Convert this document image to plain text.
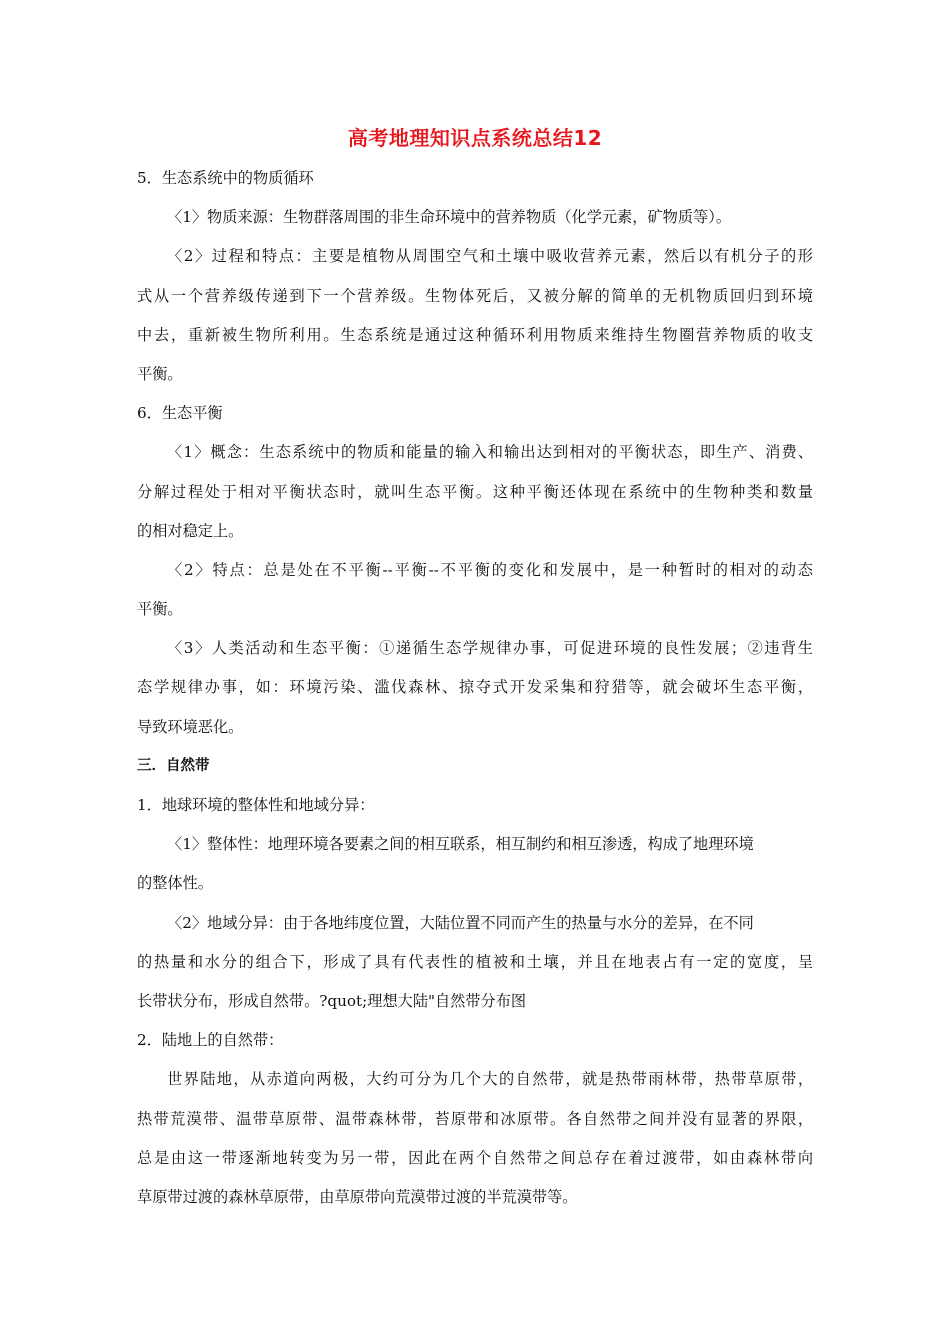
高考地理知识点系统总结12
5．生态系统中的物质循环
〈1〉物质来源：生物群落周围的非生命环境中的营养物质（化学元素，矿物质等）。
〈2〉过程和特点：主要是植物从周围空气和土壤中吸收营养元素，然后以有机分子的形
式从一个营养级传递到下一个营养级。生物体死后，又被分解的简单的无机物质回归到环境
中去，重新被生物所利用。生态系统是通过这种循环利用物质来维持生物圈营养物质的收支
平衡。
6．生态平衡
〈1〉概念：生态系统中的物质和能量的输入和输出达到相对的平衡状态，即生产、消费、
分解过程处于相对平衡状态时，就叫生态平衡。这种平衡还体现在系统中的生物种类和数量
的相对稳定上。
〈2〉特点：总是处在不平衡--平衡--不平衡的变化和发展中，是一种暂时的相对的动态
平衡。
〈3〉人类活动和生态平衡：①递循生态学规律办事，可促进环境的良性发展；②违背生
态学规律办事，如：环境污染、滥伐森林、掠夺式开发采集和狩猎等，就会破坏生态平衡，
导致环境恶化。
三．自然带
1．地球环境的整体性和地域分异：
〈1〉整体性：地理环境各要素之间的相互联系，相互制约和相互渗透，构成了地理环境
的整体性。
〈2〉地域分异：由于各地纬度位置，大陆位置不同而产生的热量与水分的差异，在不同
的热量和水分的组合下，形成了具有代表性的植被和土壤，并且在地表占有一定的宽度，呈
长带状分布，形成自然带。?quot;理想大陆"自然带分布图
2．陆地上的自然带：
世界陆地，从赤道向两极，大约可分为几个大的自然带，就是热带雨林带，热带草原带，
热带荒漠带、温带草原带、温带森林带，苔原带和冰原带。各自然带之间并没有显著的界限，
总是由这一带逐渐地转变为另一带，因此在两个自然带之间总存在着过渡带，如由森林带向
草原带过渡的森林草原带，由草原带向荒漠带过渡的半荒漠带等。
